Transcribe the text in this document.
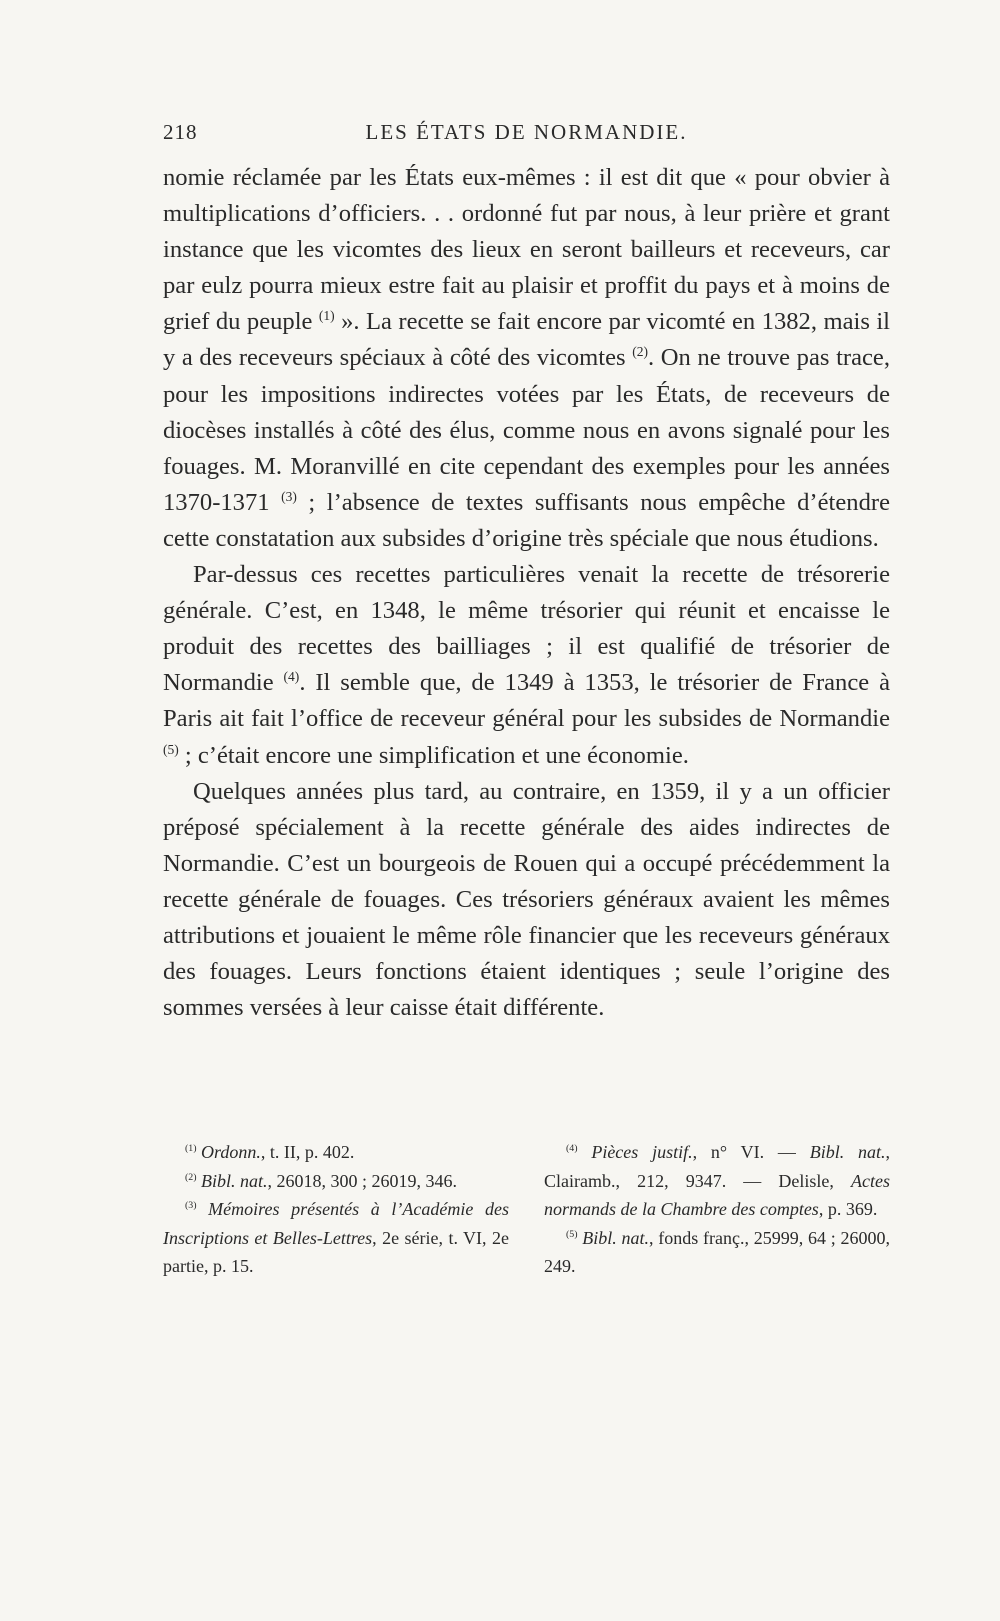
218	LES ÉTATS DE NORMANDIE.

nomie réclamée par les États eux-mêmes : il est dit que « pour obvier à multiplications d’officiers. . . ordonné fut par nous, à leur prière et grant instance que les vicomtes des lieux en seront bailleurs et receveurs, car par eulz pourra mieux estre fait au plaisir et proffit du pays et à moins de grief du peuple $^{(1)}$ ». La recette se fait encore par vicomté en 1382, mais il y a des receveurs spéciaux à côté des vicomtes $^{(2)}$. On ne trouve pas trace, pour les impositions indirectes votées par les États, de receveurs de diocèses installés à côté des élus, comme nous en avons signalé pour les fouages. M. Moranvillé en cite cependant des exemples pour les années 1370-1371 $^{(3)}$ ; l’absence de textes suffisants nous empêche d’étendre cette constatation aux subsides d’origine très spéciale que nous étudions.

Par-dessus ces recettes particulières venait la recette de trésorerie générale. C’est, en 1348, le même trésorier qui réunit et encaisse le produit des recettes des bailliages ; il est qualifié de trésorier de Normandie $^{(4)}$. Il semble que, de 1349 à 1353, le trésorier de France à Paris ait fait l’office de receveur général pour les subsides de Normandie $^{(5)}$ ; c’était encore une simplification et une économie.

Quelques années plus tard, au contraire, en 1359, il y a un officier préposé spécialement à la recette générale des aides indirectes de Normandie. C’est un bourgeois de Rouen qui a occupé précédemment la recette générale de fouages. Ces trésoriers généraux avaient les mêmes attributions et jouaient le même rôle financier que les receveurs généraux des fouages. Leurs fonctions étaient identiques ; seule l’origine des sommes versées à leur caisse était différente.

$^{(1)}$ Ordonn., t. II, p. 402.

$^{(2)}$ Bibl. nat., 26018, 300 ; 26019, 346.

$^{(3)}$ Mémoires présentés à l’Académie des Inscriptions et Belles-Lettres, 2e série, t. VI, 2e partie, p. 15.

$^{(4)}$ Pièces justif., n° VI. — Bibl. nat., Clairamb., 212, 9347. — Delisle, Actes normands de la Chambre des comptes, p. 369.

$^{(5)}$ Bibl. nat., fonds franç., 25999, 64 ; 26000, 249.
